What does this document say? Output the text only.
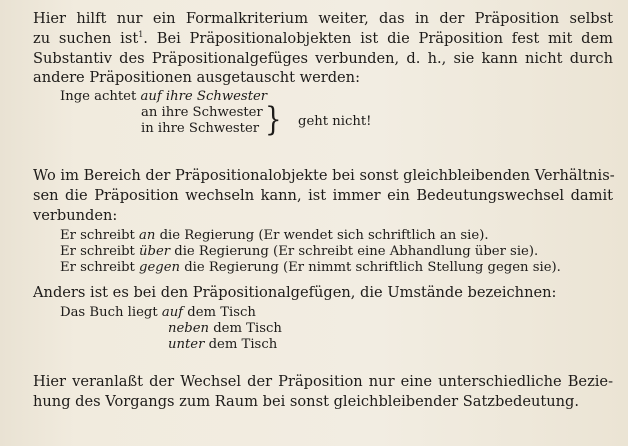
Hier hilft nur ein Formalkriterium weiter, das in der Präposition selbst
zu suchen ist$^1$. Bei Präpositionalobjekten ist die Präposition fest mit dem
Substantiv des Präpositionalgefüges verbunden, d. h., sie kann nicht durch
andere Präpositionen ausgetauscht werden:
Inge achtet auf ihre Schwester
an ihre Schwester
in ihre Schwester } geht nicht!
Wo im Bereich der Präpositionalobjekte bei sonst gleichbleibenden Verhältnis-
sen die Präposition wechseln kann, ist immer ein Bedeutungswechsel damit
verbunden:
Er schreibt an die Regierung (Er wendet sich schriftlich an sie).
Er schreibt über die Regierung (Er schreibt eine Abhandlung über sie).
Er schreibt gegen die Regierung (Er nimmt schriftlich Stellung gegen sie).
Anders ist es bei den Präpositionalgefügen, die Umstände bezeichnen:
Das Buch liegt auf dem Tisch
neben dem Tisch
unter dem Tisch
Hier veranlaßt der Wechsel der Präposition nur eine unterschiedliche Bezie-
hung des Vorgangs zum Raum bei sonst gleichbleibender Satzbedeutung.
